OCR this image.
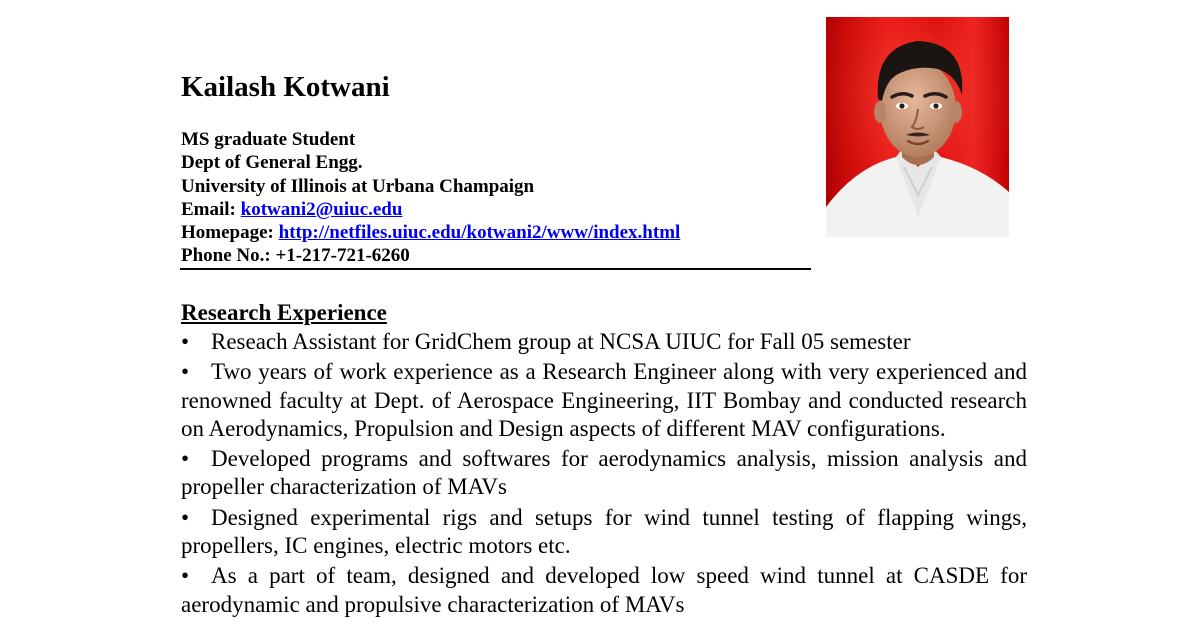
Kailash Kotwani
MS graduate Student
Dept of General Engg.
University of Illinois at Urbana Champaign
Email: kotwani2@uiuc.edu
Homepage: http://netfiles.uiuc.edu/kotwani2/www/index.html
Phone No.: +1-217-721-6260
Research Experience
• Reseach Assistant for GridChem group at NCSA UIUC for Fall 05 semester
• Two years of work experience as a Research Engineer along with very experienced and renowned faculty at Dept. of Aerospace Engineering, IIT Bombay and conducted research on Aerodynamics, Propulsion and Design aspects of different MAV configurations.
• Developed programs and softwares for aerodynamics analysis, mission analysis and propeller characterization of MAVs
• Designed experimental rigs and setups for wind tunnel testing of flapping wings, propellers, IC engines, electric motors etc.
• As a part of team, designed and developed low speed wind tunnel at CASDE for aerodynamic and propulsive characterization of MAVs
